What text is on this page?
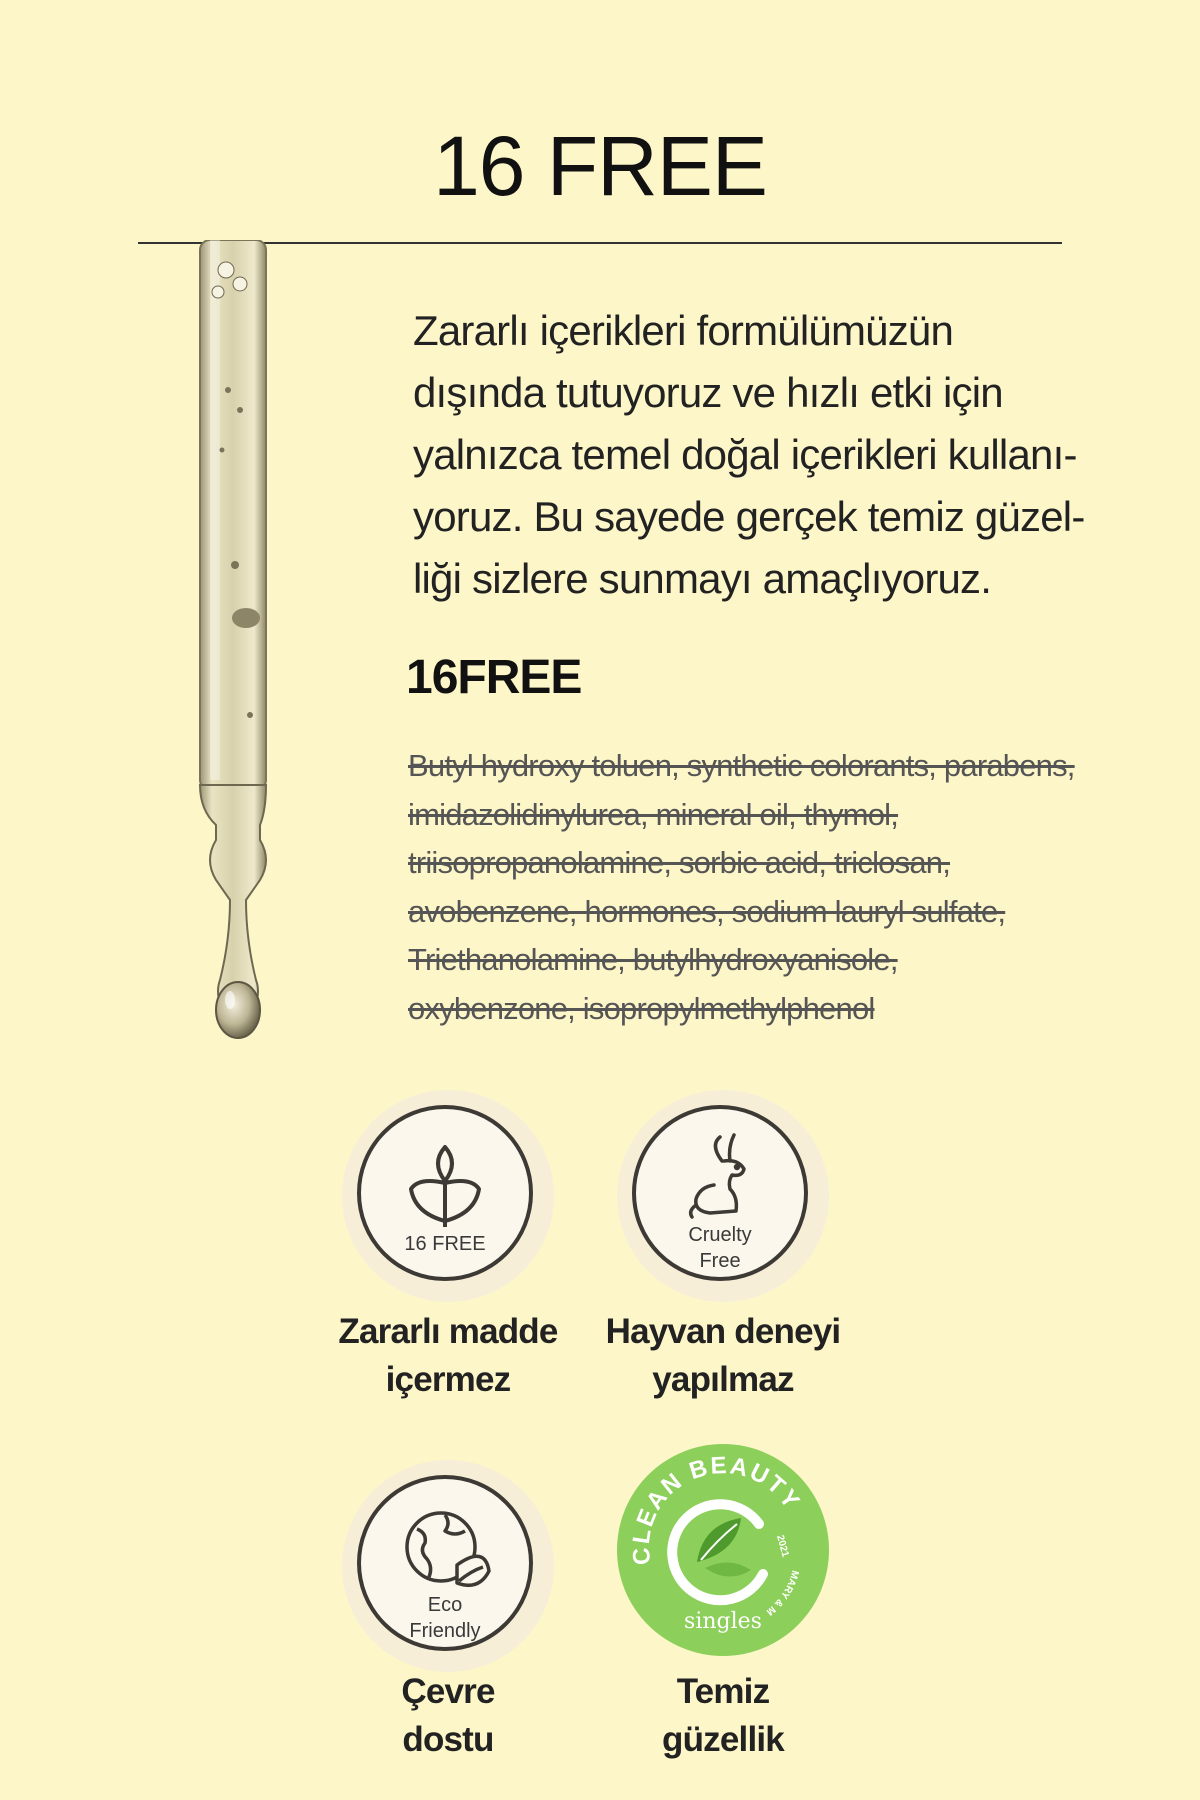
16 FREE
Zararlı içerikleri formülümüzün
dışında tutuyoruz ve hızlı etki için
yalnızca temel doğal içerikleri kullanı-
yoruz. Bu sayede gerçek temiz güzel-
liği sizlere sunmayı amaçlıyoruz.
16FREE
Butyl hydroxy toluen, synthetic colorants, parabens,
imidazolidinylurea, mineral oil, thymol,
triisopropanolamine, sorbic acid, triclosan,
avobenzene, hormones, sodium lauryl sulfate,
Triethanolamine, butylhydroxyanisole,
oxybenzone, isopropylmethylphenol
16 FREE
Zararlı madde
içermez
Cruelty
Free
Hayvan deneyi
yapılmaz
Eco
Friendly
Çevre
dostu
CLEAN BEAUTY
MARY & M
2021
singles
Temiz
güzellik
